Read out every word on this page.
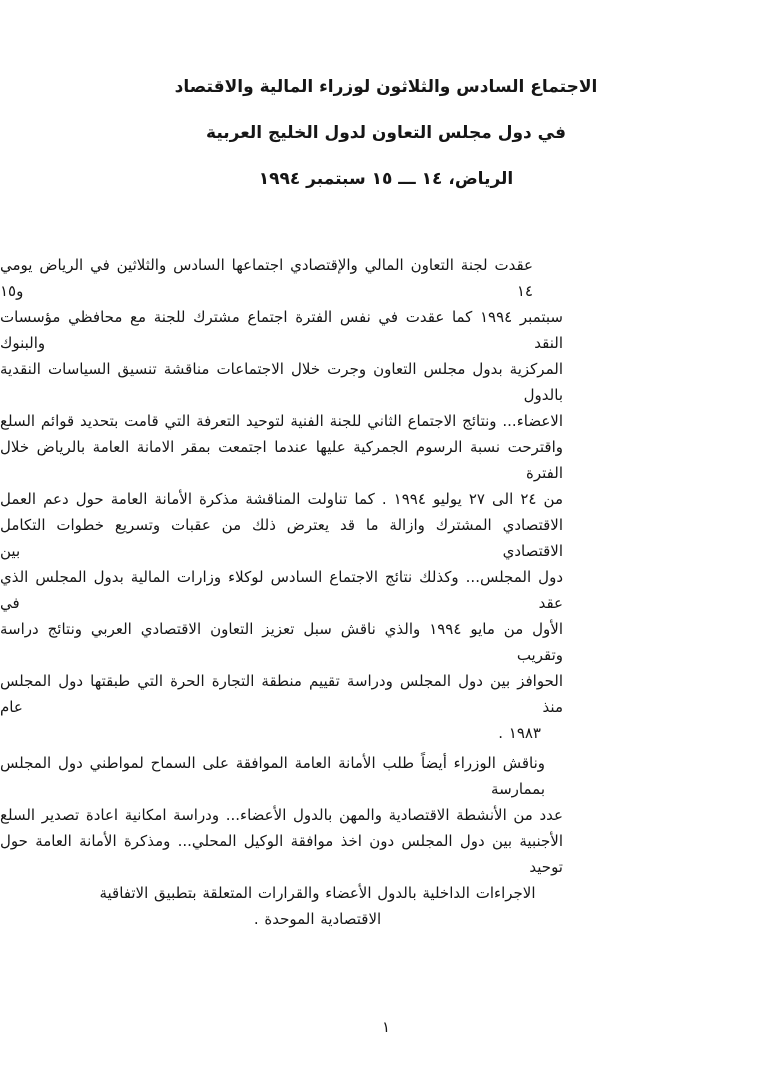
الاجتماع السادس والثلاثون لوزراء المالية والاقتصاد
في دول مجلس التعاون لدول الخليج العربية
الرياض، ١٤ ـــ ١٥ سبتمبر ١٩٩٤
عقدت لجنة التعاون المالي والإقتصادي اجتماعها السادس والثلاثين في الرياض يومي ١٤ و١٥
سبتمبر ١٩٩٤ كما عقدت في نفس الفترة اجتماع مشترك للجنة مع محافظي مؤسسات النقد والبنوك
المركزية بدول مجلس التعاون وجرت خلال الاجتماعات مناقشة تنسيق السياسات النقدية بالدول
الاعضاء... ونتائج الاجتماع الثاني للجنة الفنية لتوحيد التعرفة التي قامت بتحديد قوائم السلع
واقترحت نسبة الرسوم الجمركية عليها عندما اجتمعت بمقر الامانة العامة بالرياض خلال الفترة
من ٢٤ الى ٢٧ يوليو ١٩٩٤ . كما تناولت المناقشة مذكرة الأمانة العامة حول دعم العمل
الاقتصادي المشترك وازالة ما قد يعترض ذلك من عقبات وتسريع خطوات التكامل الاقتصادي بين
دول المجلس... وكذلك نتائج الاجتماع السادس لوكلاء وزارات المالية بدول المجلس الذي عقد في
الأول من مايو ١٩٩٤ والذي ناقش سبل تعزيز التعاون الاقتصادي العربي ونتائج دراسة وتقريب
الحوافز بين دول المجلس ودراسة تقييم منطقة التجارة الحرة التي طبقتها دول المجلس منذ عام
١٩٨٣ .
وناقش الوزراء أيضاً طلب الأمانة العامة الموافقة على السماح لمواطني دول المجلس بممارسة
عدد من الأنشطة الاقتصادية والمهن بالدول الأعضاء... ودراسة امكانية اعادة تصدير السلع
الأجنبية بين دول المجلس دون اخذ موافقة الوكيل المحلي... ومذكرة الأمانة العامة حول توحيد
الاجراءات الداخلية بالدول الأعضاء والقرارات المتعلقة بتطبيق الاتفاقية الاقتصادية الموحدة .
١
